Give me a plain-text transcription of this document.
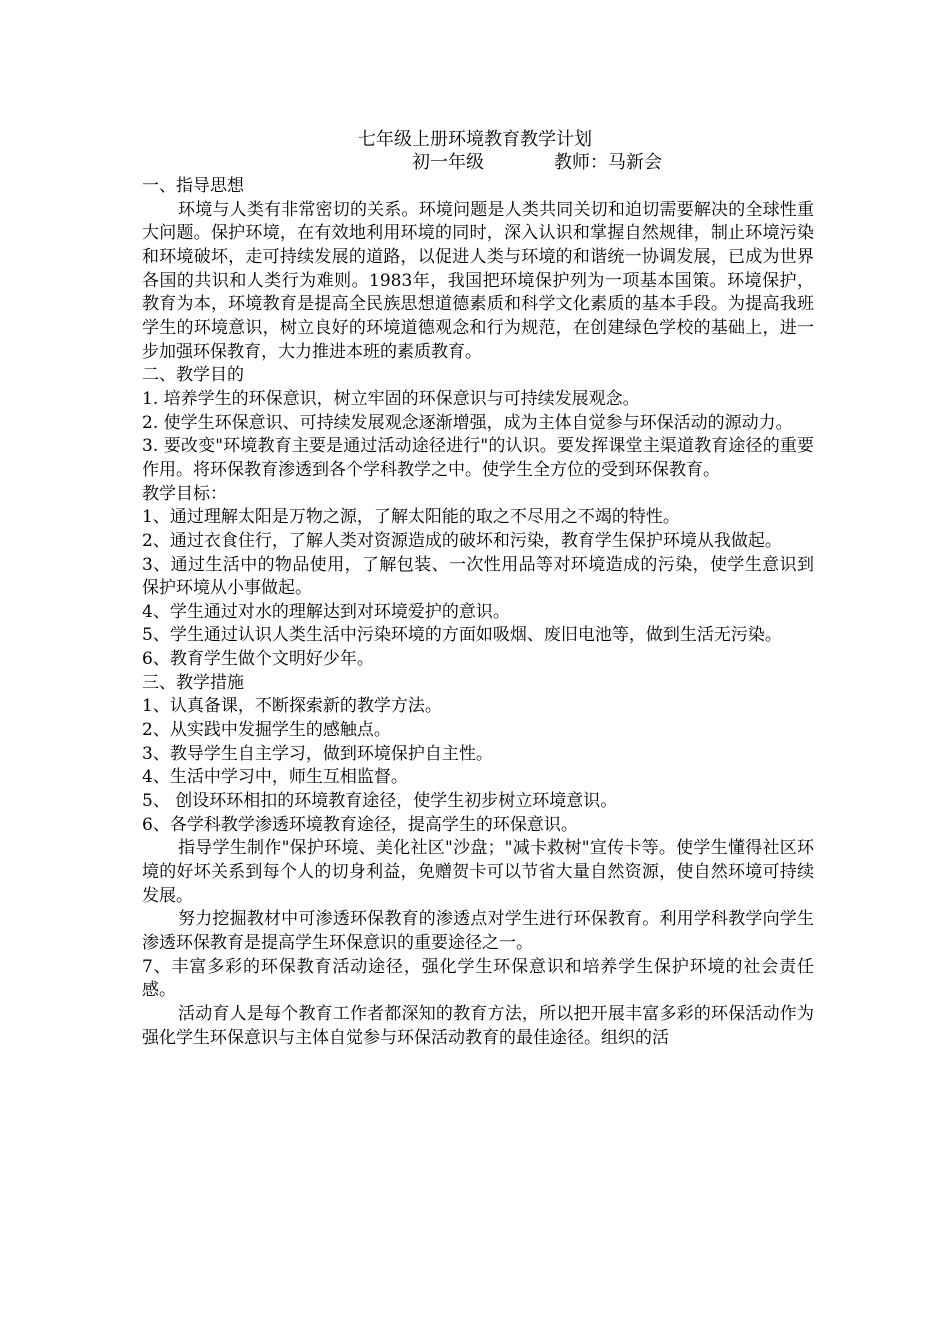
七年级上册环境教育教学计划
初一年级	教师：马新会

一、指导思想

环境与人类有非常密切的关系。环境问题是人类共同关切和迫切需要解决的全球性重大问题。保护环境，在有效地利用环境的同时，深入认识和掌握自然规律，制止环境污染和环境破坏，走可持续发展的道路，以促进人类与环境的和谐统一协调发展，已成为世界各国的共识和人类行为难则。1983年，我国把环境保护列为一项基本国策。环境保护，教育为本，环境教育是提高全民族思想道德素质和科学文化素质的基本手段。为提高我班学生的环境意识，树立良好的环境道德观念和行为规范，在创建绿色学校的基础上，进一步加强环保教育，大力推进本班的素质教育。

二、教学目的

1. 培养学生的环保意识，树立牢固的环保意识与可持续发展观念。

2. 使学生环保意识、可持续发展观念逐渐增强，成为主体自觉参与环保活动的源动力。

3. 要改变"环境教育主要是通过活动途径进行"的认识。要发挥课堂主渠道教育途径的重要作用。将环保教育渗透到各个学科教学之中。使学生全方位的受到环保教育。

教学目标：

1、通过理解太阳是万物之源，了解太阳能的取之不尽用之不竭的特性。

2、通过衣食住行，了解人类对资源造成的破坏和污染，教育学生保护环境从我做起。

3、通过生活中的物品使用，了解包装、一次性用品等对环境造成的污染，使学生意识到保护环境从小事做起。

4、学生通过对水的理解达到对环境爱护的意识。

5、学生通过认识人类生活中污染环境的方面如吸烟、废旧电池等，做到生活无污染。

6、教育学生做个文明好少年。

三、教学措施

1、认真备课，不断探索新的教学方法。

2、从实践中发掘学生的感触点。

3、教导学生自主学习，做到环境保护自主性。

4、生活中学习中，师生互相监督。

5、 创设环环相扣的环境教育途径，使学生初步树立环境意识。

6、各学科教学渗透环境教育途径，提高学生的环保意识。

指导学生制作"保护环境、美化社区"沙盘；"减卡救树"宣传卡等。使学生懂得社区环境的好坏关系到每个人的切身利益，免赠贺卡可以节省大量自然资源，使自然环境可持续发展。

努力挖掘教材中可渗透环保教育的渗透点对学生进行环保教育。利用学科教学向学生渗透环保教育是提高学生环保意识的重要途径之一。

7、丰富多彩的环保教育活动途径，强化学生环保意识和培养学生保护环境的社会责任感。

活动育人是每个教育工作者都深知的教育方法，所以把开展丰富多彩的环保活动作为强化学生环保意识与主体自觉参与环保活动教育的最佳途径。组织的活
